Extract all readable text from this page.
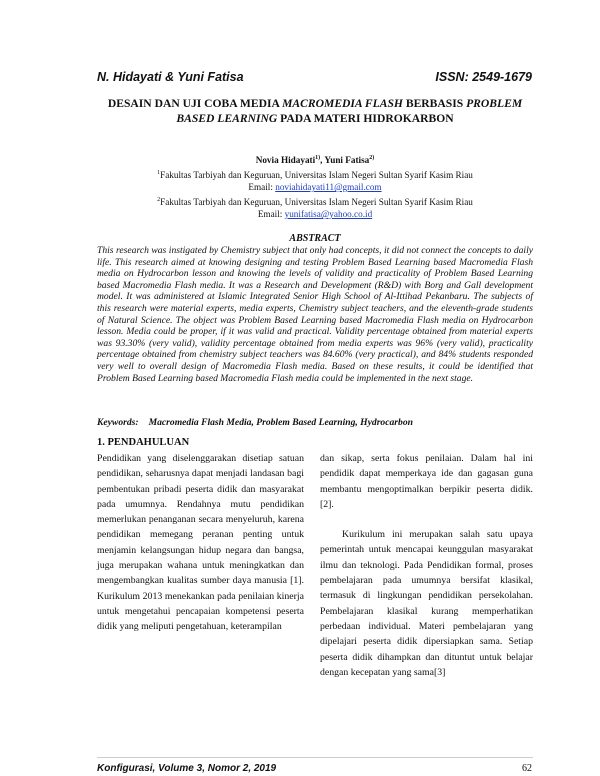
N. Hidayati & Yuni Fatisa	ISSN: 2549-1679
DESAIN DAN UJI COBA MEDIA MACROMEDIA FLASH BERBASIS PROBLEM BASED LEARNING PADA MATERI HIDROKARBON
Novia Hidayati$^{1)}$, Yuni Fatisa$^{2)}$
$^1$Fakultas Tarbiyah dan Keguruan, Universitas Islam Negeri Sultan Syarif Kasim Riau
Email: noviahidayati11@gmail.com
$^2$Fakultas Tarbiyah dan Keguruan, Universitas Islam Negeri Sultan Syarif Kasim Riau
Email: yunifatisa@yahoo.co.id
ABSTRACT
This research was instigated by Chemistry subject that only had concepts, it did not connect the concepts to daily life. This research aimed at knowing designing and testing Problem Based Learning based Macromedia Flash media on Hydrocarbon lesson and knowing the levels of validity and practicality of Problem Based Learning based Macromedia Flash media. It was a Research and Development (R&D) with Borg and Gall development model. It was administered at Islamic Integrated Senior High School of Al-Ittihad Pekanbaru. The subjects of this research were material experts, media experts, Chemistry subject teachers, and the eleventh-grade students of Natural Science. The object was Problem Based Learning based Macromedia Flash media on Hydrocarbon lesson. Media could be proper, if it was valid and practical. Validity percentage obtained from material experts was 93.30% (very valid), validity percentage obtained from media experts was 96% (very valid), practicality percentage obtained from chemistry subject teachers was 84.60% (very practical), and 84% students responded very well to overall design of Macromedia Flash media. Based on these results, it could be identified that Problem Based Learning based Macromedia Flash media could be implemented in the next stage.
Keywords: Macromedia Flash Media, Problem Based Learning, Hydrocarbon
1. PENDAHULUAN

Pendidikan yang diselenggarakan disetiap satuan pendidikan, seharusnya dapat menjadi landasan bagi pembentukan pribadi peserta didik dan masyarakat pada umumnya. Rendahnya mutu pendidikan memerlukan penanganan secara menyeluruh, karena pendidikan memegang peranan penting untuk menjamin kelangsungan hidup negara dan bangsa, juga merupakan wahana untuk meningkatkan dan mengembangkan kualitas sumber daya manusia [1]. Kurikulum 2013 menekankan pada penilaian kinerja untuk mengetahui pencapaian kompetensi peserta didik yang meliputi pengetahuan, keterampilan

dan sikap, serta fokus penilaian. Dalam hal ini pendidik dapat memperkaya ide dan gagasan guna membantu mengoptimalkan berpikir peserta didik. [2].

Kurikulum ini merupakan salah satu upaya pemerintah untuk mencapai keunggulan masyarakat ilmu dan teknologi. Pada Pendidikan formal, proses pembelajaran pada umumnya bersifat klasikal, termasuk di lingkungan pendidikan persekolahan. Pembelajaran klasikal kurang memperhatikan perbedaan individual. Materi pembelajaran yang dipelajari peserta didik dipersiapkan sama. Setiap peserta didik dihampkan dan dituntut untuk belajar dengan kecepatan yang sama[3]

Konfigurasi, Volume 3, Nomor 2, 2019	62
